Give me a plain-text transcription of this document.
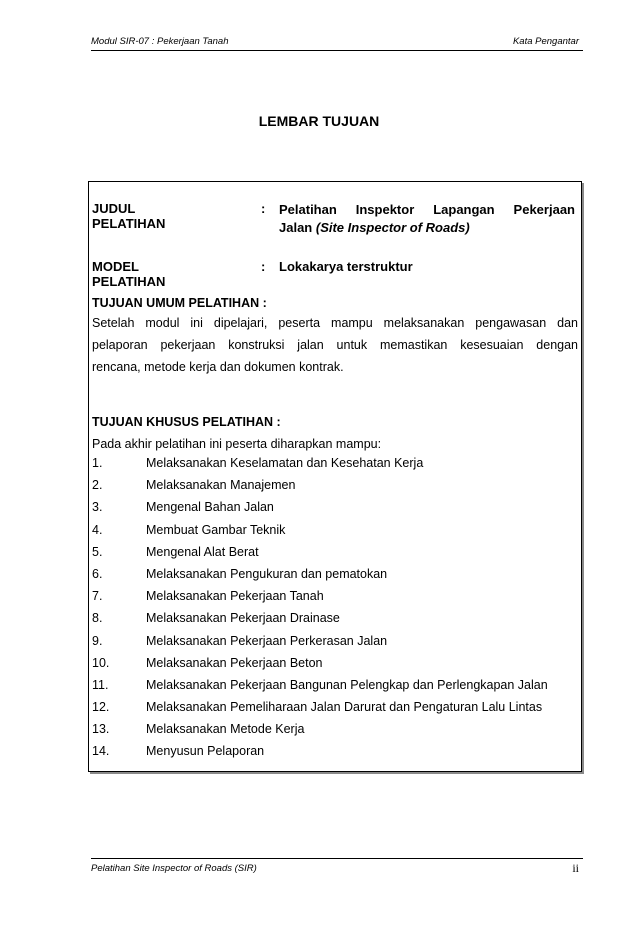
Modul SIR-07 : Pekerjaan Tanah	Kata Pengantar
LEMBAR TUJUAN
JUDUL PELATIHAN
: Pelatihan Inspektor Lapangan Pekerjaan
Jalan (Site Inspector of Roads)
MODEL PELATIHAN
: Lokakarya terstruktur
TUJUAN UMUM PELATIHAN :
Setelah modul ini dipelajari, peserta mampu melaksanakan pengawasan dan
pelaporan pekerjaan konstruksi jalan untuk memastikan kesesuaian dengan
rencana, metode kerja dan dokumen kontrak.
TUJUAN KHUSUS PELATIHAN :
Pada akhir pelatihan ini peserta diharapkan mampu:
1.	Melaksanakan Keselamatan dan Kesehatan Kerja
2.	Melaksanakan Manajemen
3.	Mengenal Bahan Jalan
4.	Membuat Gambar Teknik
5.	Mengenal Alat Berat
6.	Melaksanakan Pengukuran dan pematokan
7.	Melaksanakan Pekerjaan Tanah
8.	Melaksanakan Pekerjaan Drainase
9.	Melaksanakan Pekerjaan Perkerasan Jalan
10.	Melaksanakan Pekerjaan Beton
11.	Melaksanakan Pekerjaan Bangunan Pelengkap dan Perlengkapan Jalan
12.	Melaksanakan Pemeliharaan Jalan Darurat dan Pengaturan Lalu Lintas
13.	Melaksanakan Metode Kerja
14.	Menyusun Pelaporan
Pelatihan Site Inspector of Roads (SIR)	ii
